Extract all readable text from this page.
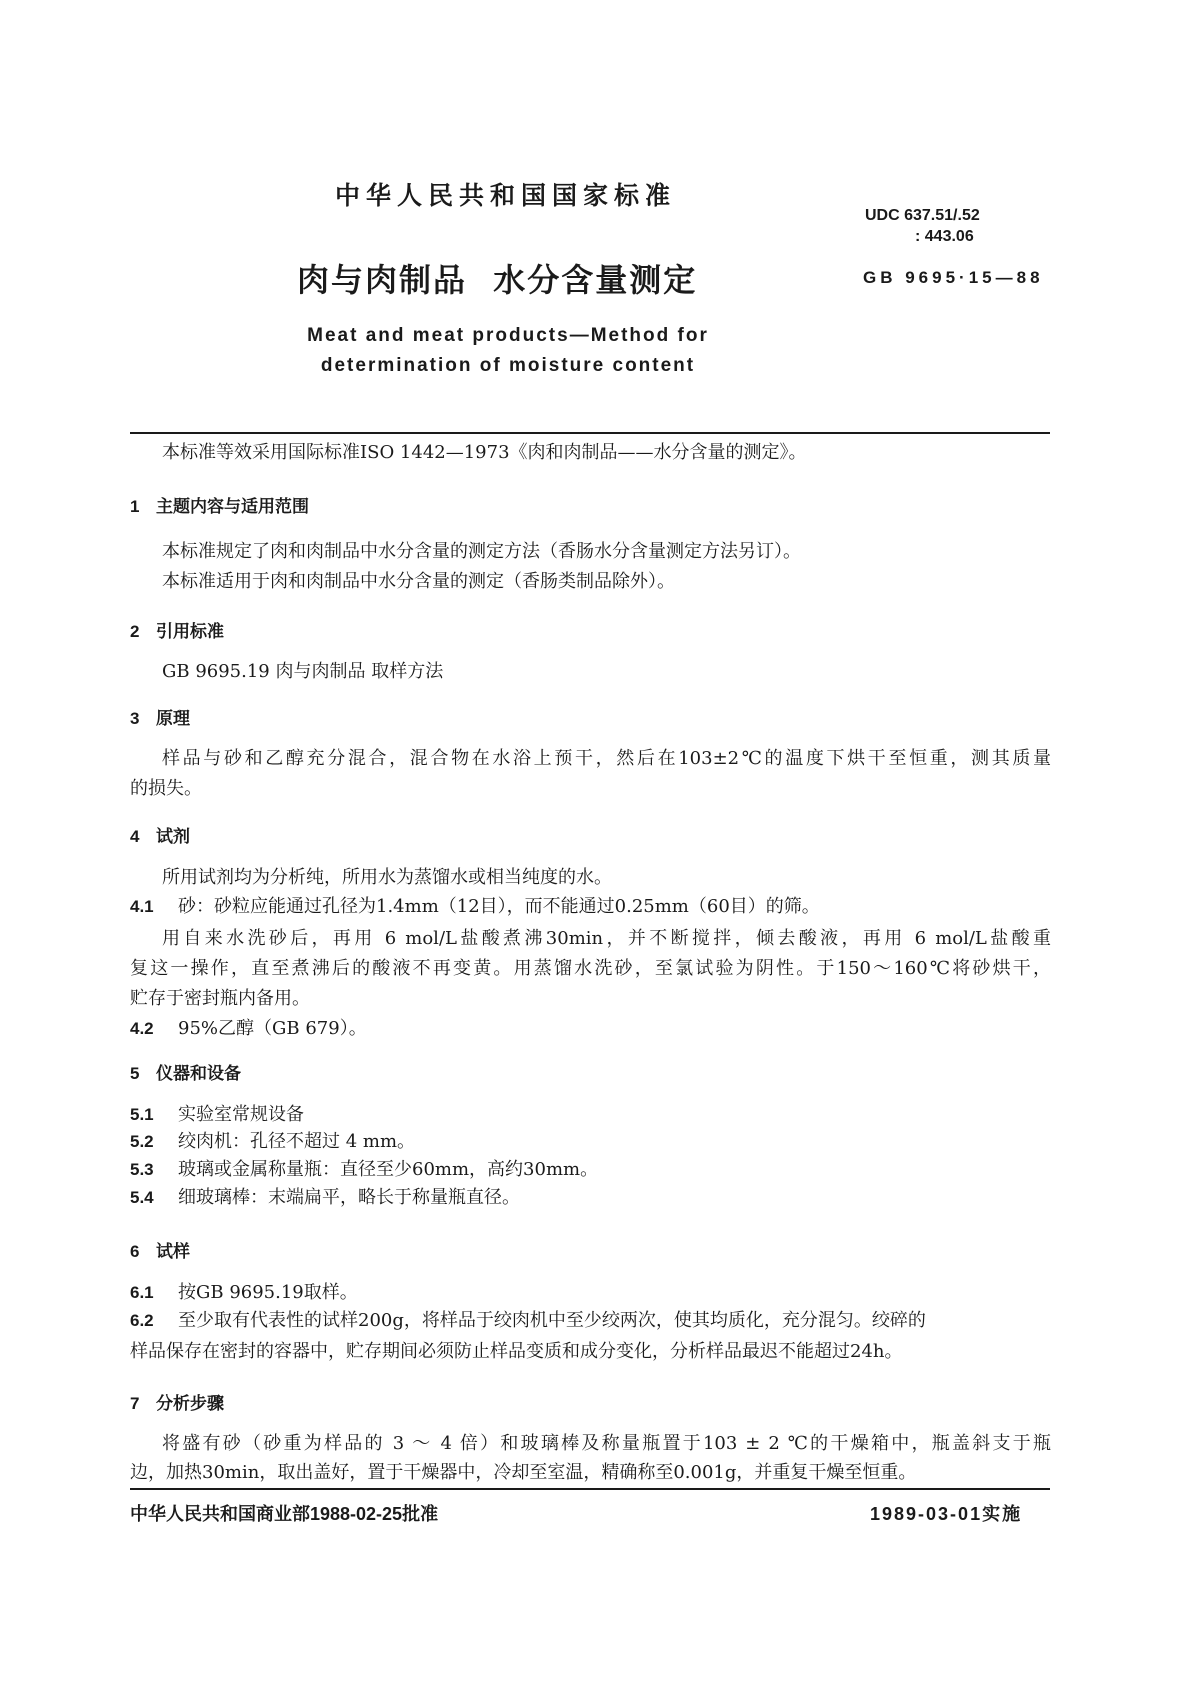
中华人民共和国国家标准
UDC 637.51/.52
: 443.06
肉与肉制品  水分含量测定	GB 9695·15—88
Meat and meat products—Method for
determination of moisture content
本标准等效采用国际标准ISO 1442—1973《肉和肉制品——水分含量的测定》。
1 主题内容与适用范围
本标准规定了肉和肉制品中水分含量的测定方法（香肠水分含量测定方法另订）。
本标准适用于肉和肉制品中水分含量的测定（香肠类制品除外）。
2 引用标准
GB 9695.19 肉与肉制品 取样方法
3 原理
样品与砂和乙醇充分混合，混合物在水浴上预干，然后在103±2℃的温度下烘干至恒重，测其质量
的损失。
4 试剂
所用试剂均为分析纯，所用水为蒸馏水或相当纯度的水。
4.1 砂：砂粒应能通过孔径为1.4mm（12目），而不能通过0.25mm（60目）的筛。
用自来水洗砂后，再用 6 mol/L盐酸煮沸30min，并不断搅拌，倾去酸液，再用 6 mol/L盐酸重
复这一操作，直至煮沸后的酸液不再变黄。用蒸馏水洗砂，至氯试验为阴性。于150～160℃将砂烘干，
贮存于密封瓶内备用。
4.2 95%乙醇（GB 679）。
5 仪器和设备
5.1 实验室常规设备
5.2 绞肉机：孔径不超过 4 mm。
5.3 玻璃或金属称量瓶：直径至少60mm，高约30mm。
5.4 细玻璃棒：末端扁平，略长于称量瓶直径。
6 试样
6.1 按GB 9695.19取样。
6.2 至少取有代表性的试样200g，将样品于绞肉机中至少绞两次，使其均质化，充分混匀。绞碎的
样品保存在密封的容器中，贮存期间必须防止样品变质和成分变化，分析样品最迟不能超过24h。
7 分析步骤
将盛有砂（砂重为样品的 3 ～ 4 倍）和玻璃棒及称量瓶置于103 ± 2 ℃的干燥箱中，瓶盖斜支于瓶
边，加热30min，取出盖好，置于干燥器中，冷却至室温，精确称至0.001g，并重复干燥至恒重。
中华人民共和国商业部1988-02-25批准	1989-03-01实施
